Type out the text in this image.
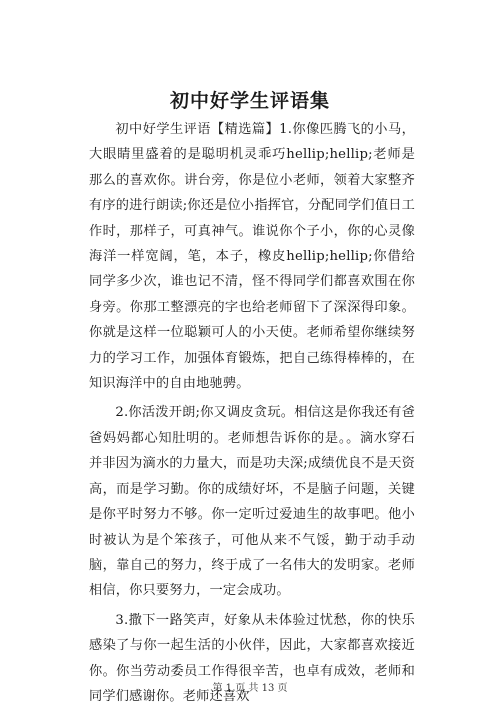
初中好学生评语集

初中好学生评语【精选篇】1.你像匹腾飞的小马，大眼睛里盛着的是聪明机灵乖巧hellip;hellip;老师是那么的喜欢你。讲台旁，你是位小老师，领着大家整齐有序的进行朗读;你还是位小指挥官，分配同学们值日工作时，那样子，可真神气。谁说你个子小，你的心灵像海洋一样宽阔，笔，本子，橡皮hellip;hellip;你借给同学多少次，谁也记不清，怪不得同学们都喜欢围在你身旁。你那工整漂亮的字也给老师留下了深深得印象。你就是这样一位聪颖可人的小天使。老师希望你继续努力的学习工作，加强体育锻炼，把自己练得棒棒的，在知识海洋中的自由地驰骋。

2.你活泼开朗;你又调皮贪玩。相信这是你我还有爸爸妈妈都心知肚明的。老师想告诉你的是。。滴水穿石并非因为滴水的力量大，而是功夫深;成绩优良不是天资高，而是学习勤。你的成绩好坏，不是脑子问题，关键是你平时努力不够。你一定听过爱迪生的故事吧。他小时被认为是个笨孩子，可他从来不气馁，勤于动手动脑，靠自己的努力，终于成了一名伟大的发明家。老师相信，你只要努力，一定会成功。

3.撒下一路笑声，好象从未体验过忧愁，你的快乐感染了与你一起生活的小伙伴，因此，大家都喜欢接近你。你当劳动委员工作得很辛苦，也卓有成效，老师和同学们感谢你。老师还喜欢

第 1 页 共 13 页
